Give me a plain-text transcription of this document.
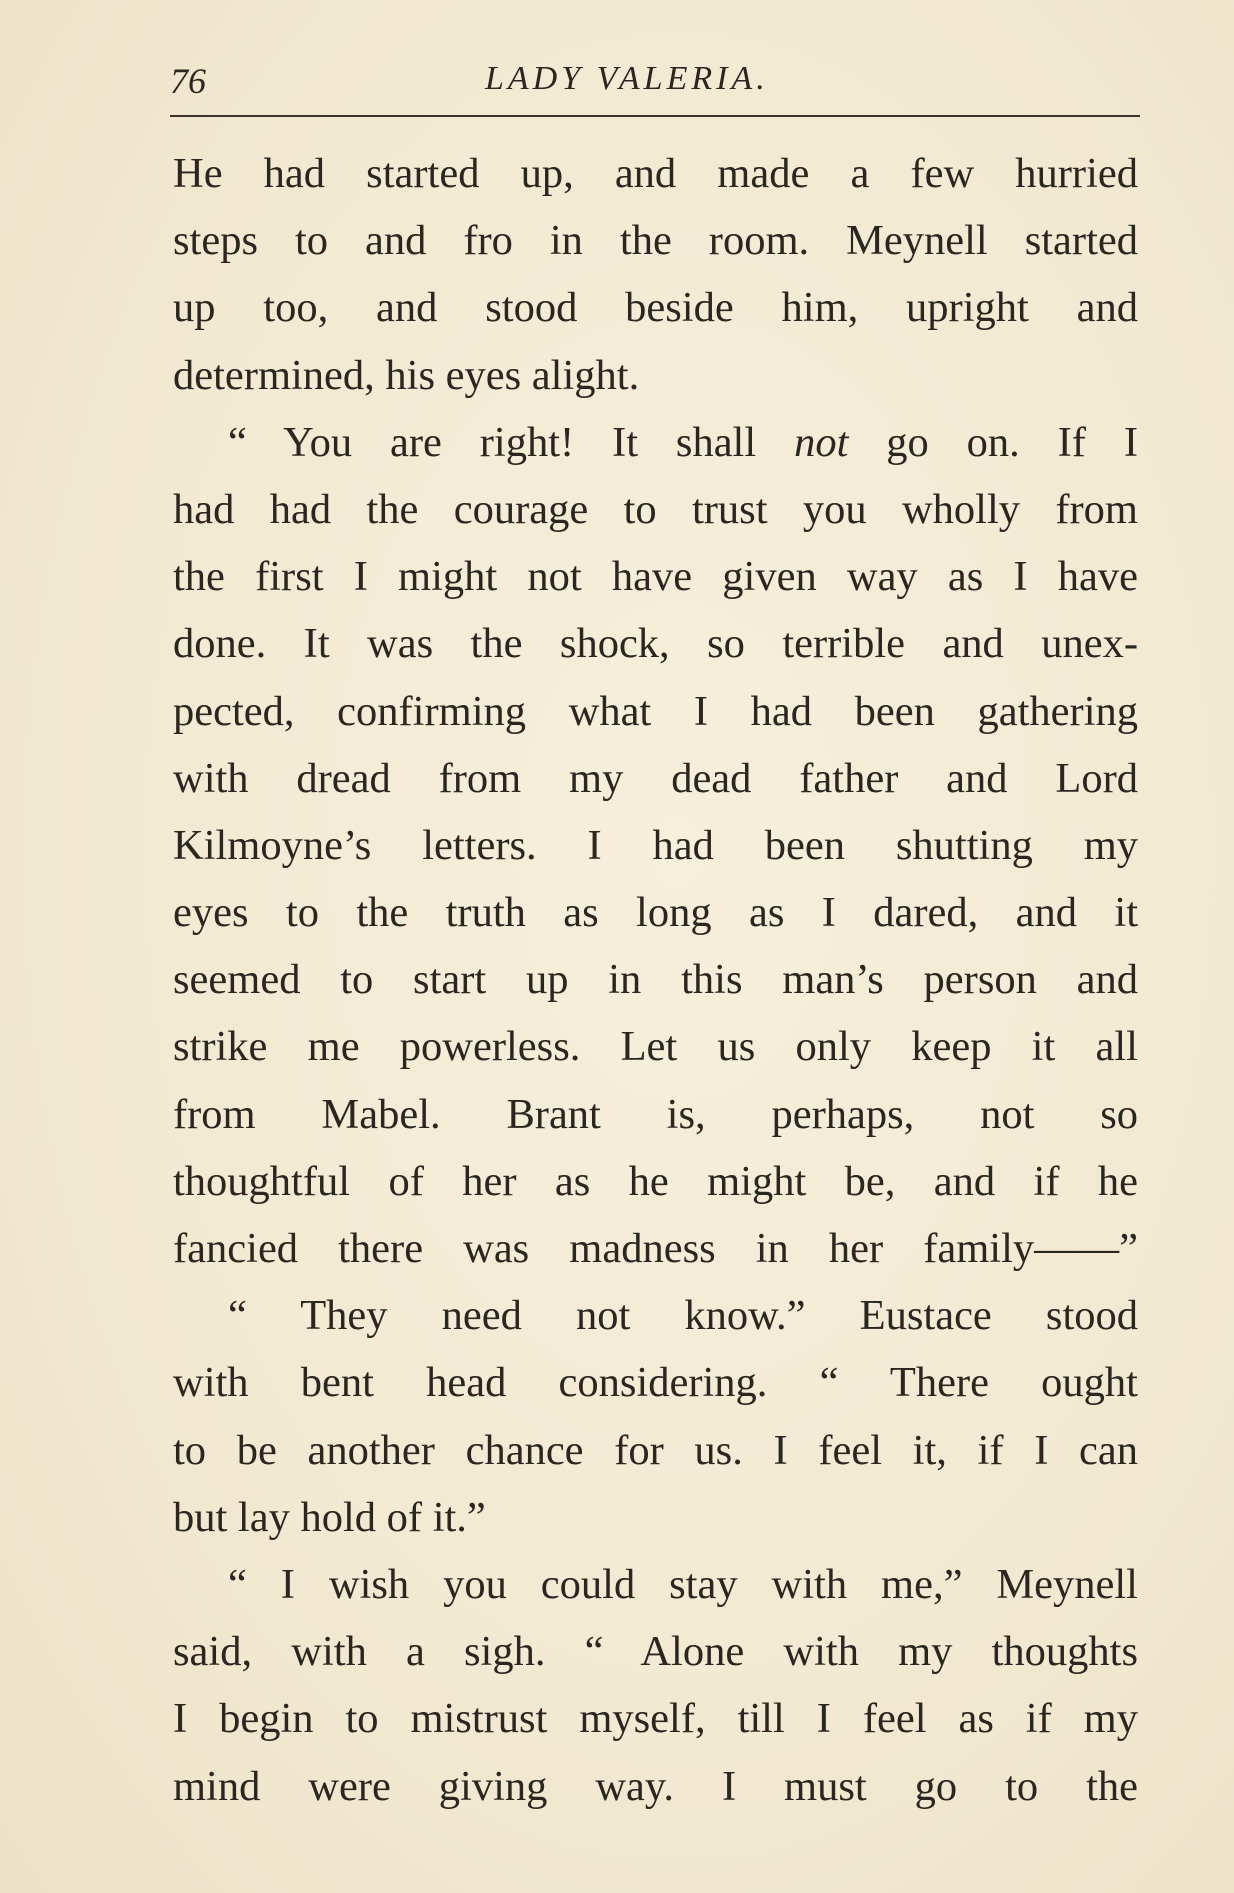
76	LADY VALERIA.
He had started up, and made a few hurried
steps to and fro in the room. Meynell started
up too, and stood beside him, upright and
determined, his eyes alight.
“ You are right! It shall not go on. If I
had had the courage to trust you wholly from
the first I might not have given way as I have
done. It was the shock, so terrible and unex-
pected, confirming what I had been gathering
with dread from my dead father and Lord
Kilmoyne’s letters. I had been shutting my
eyes to the truth as long as I dared, and it
seemed to start up in this man’s person and
strike me powerless. Let us only keep it all
from Mabel. Brant is, perhaps, not so
thoughtful of her as he might be, and if he
fancied there was madness in her family——”
“ They need not know.” Eustace stood
with bent head considering. “ There ought
to be another chance for us. I feel it, if I can
but lay hold of it.”
“ I wish you could stay with me,” Meynell
said, with a sigh. “ Alone with my thoughts
I begin to mistrust myself, till I feel as if my
mind were giving way. I must go to the
